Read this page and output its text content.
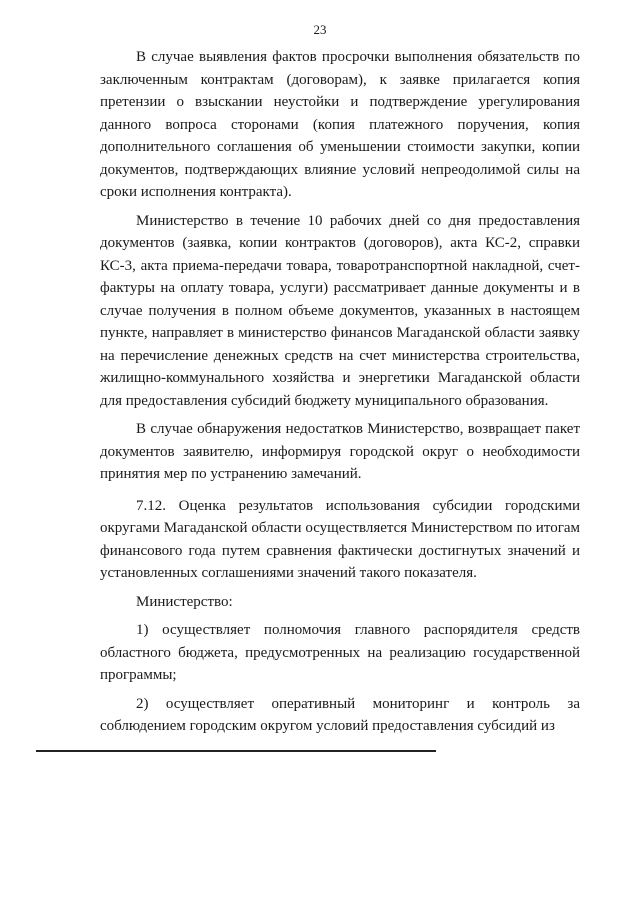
23

В случае выявления фактов просрочки выполнения обязательств по заключенным контрактам (договорам), к заявке прилагается копия претензии о взыскании неустойки и подтверждение урегулирования данного вопроса сторонами (копия платежного поручения, копия дополнительного соглашения об уменьшении стоимости закупки, копии документов, подтверждающих влияние условий непреодолимой силы на сроки исполнения контракта).

Министерство в течение 10 рабочих дней со дня предоставления документов (заявка, копии контрактов (договоров), акта КС-2, справки КС-3, акта приема-передачи товара, товаротранспортной накладной, счет-фактуры на оплату товара, услуги) рассматривает данные документы и в случае получения в полном объеме документов, указанных в настоящем пункте, направляет в министерство финансов Магаданской области заявку на перечисление денежных средств на счет министерства строительства, жилищно-коммунального хозяйства и энергетики Магаданской области для предоставления субсидий бюджету муниципального образования.

В случае обнаружения недостатков Министерство, возвращает пакет документов заявителю, информируя городской округ о необходимости принятия мер по устранению замечаний.

7.12. Оценка результатов использования субсидии городскими округами Магаданской области осуществляется Министерством по итогам финансового года путем сравнения фактически достигнутых значений и установленных соглашениями значений такого показателя.

Министерство:

1) осуществляет полномочия главного распорядителя средств областного бюджета, предусмотренных на реализацию государственной программы;

2) осуществляет оперативный мониторинг и контроль за соблюдением городским округом условий предоставления субсидий из
